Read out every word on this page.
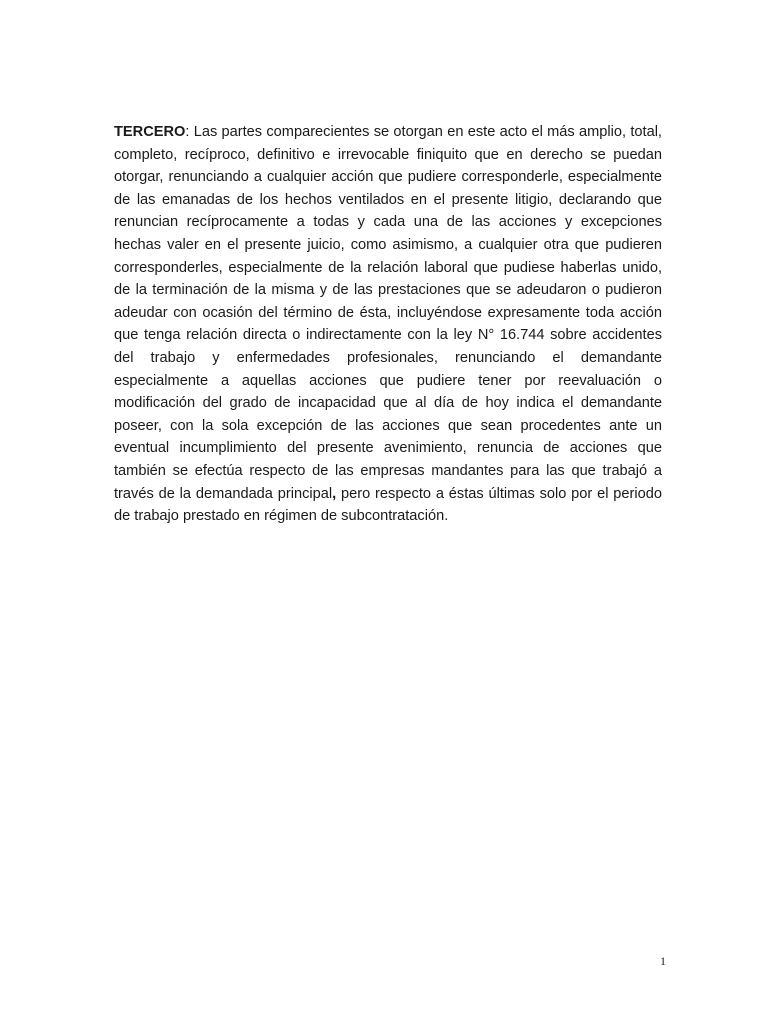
TERCERO: Las partes comparecientes se otorgan en este acto el más amplio, total, completo, recíproco, definitivo e irrevocable finiquito que en derecho se puedan otorgar, renunciando a cualquier acción que pudiere corresponderle, especialmente de las emanadas de los hechos ventilados en el presente litigio, declarando que renuncian recíprocamente a todas y cada una de las acciones y excepciones hechas valer en el presente juicio, como asimismo, a cualquier otra que pudieren corresponderles, especialmente de la relación laboral que pudiese haberlas unido, de la terminación de la misma y de las prestaciones que se adeudaron o pudieron adeudar con ocasión del término de ésta, incluyéndose expresamente toda acción que tenga relación directa o indirectamente con la ley N° 16.744 sobre accidentes del trabajo y enfermedades profesionales, renunciando el demandante especialmente a aquellas acciones que pudiere tener por reevaluación o modificación del grado de incapacidad que al día de hoy indica el demandante poseer, con la sola excepción de las acciones que sean procedentes ante un eventual incumplimiento del presente avenimiento, renuncia de acciones que también se efectúa respecto de las empresas mandantes para las que trabajó a través de la demandada principal, pero respecto a éstas últimas solo por el periodo de trabajo prestado en régimen de subcontratación.

1
